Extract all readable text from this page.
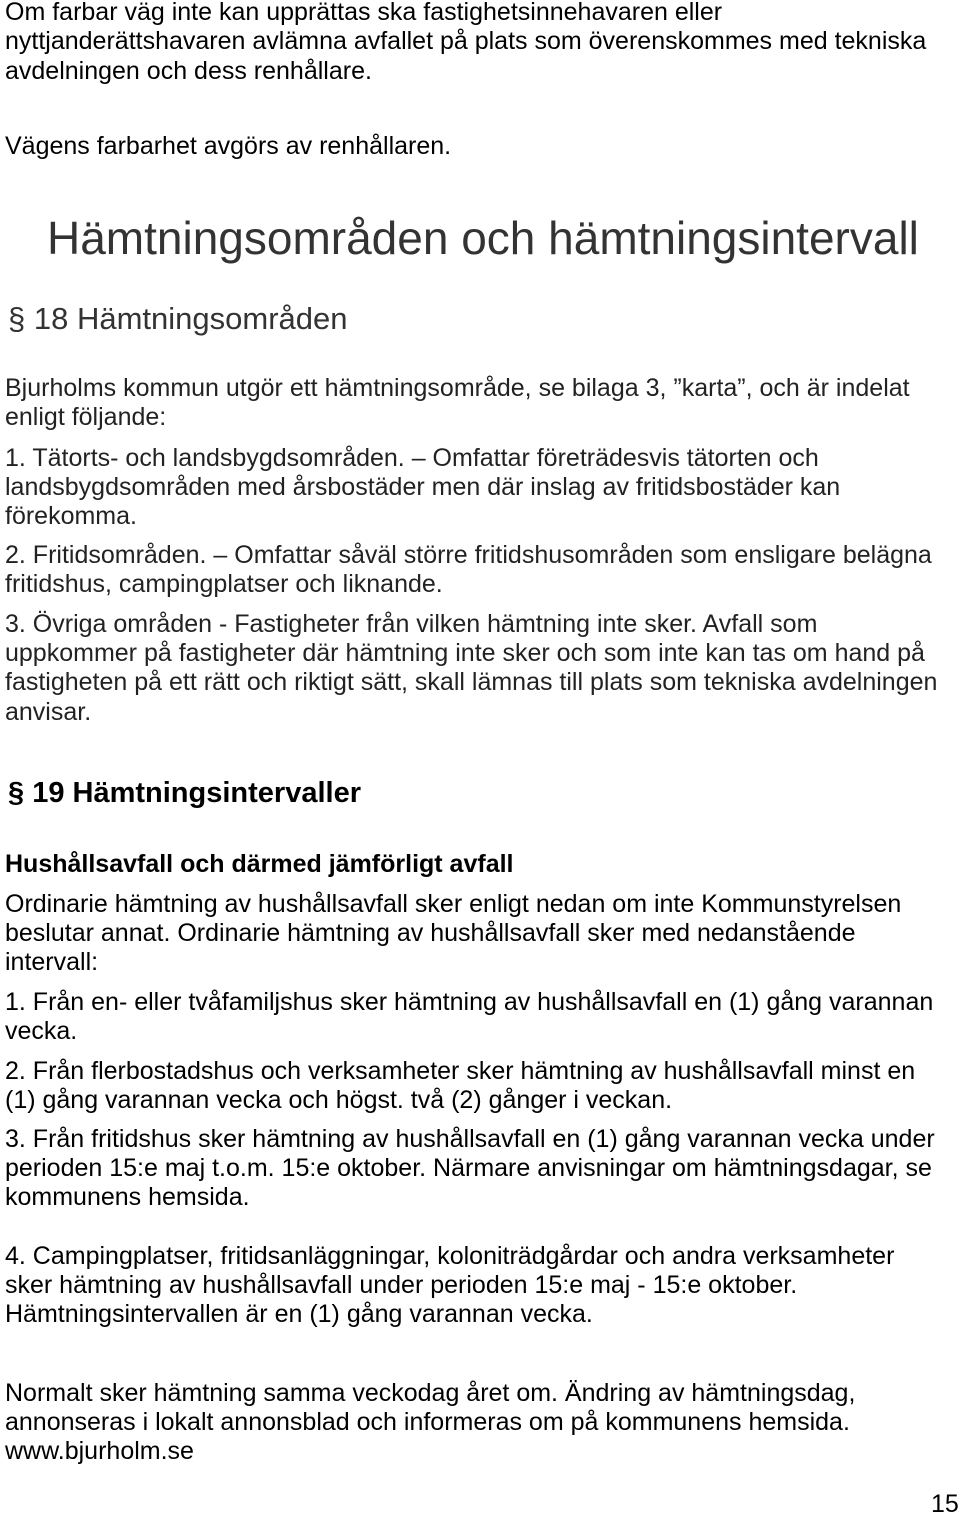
Om farbar väg inte kan upprättas ska fastighetsinnehavaren eller
nyttjanderättshavaren avlämna avfallet på plats som överenskommes med tekniska
avdelningen och dess renhållare.
Vägens farbarhet avgörs av renhållaren.
Hämtningsområden och hämtningsintervall
§ 18 Hämtningsområden
Bjurholms kommun utgör ett hämtningsområde, se bilaga 3, ”karta”, och är indelat
enligt följande:
1. Tätorts- och landsbygdsområden. – Omfattar företrädesvis tätorten och
landsbygdsområden med årsbostäder men där inslag av fritidsbostäder kan
förekomma.
2. Fritidsområden. – Omfattar såväl större fritidshusområden som ensligare belägna
fritidshus, campingplatser och liknande.
3. Övriga områden - Fastigheter från vilken hämtning inte sker. Avfall som
uppkommer på fastigheter där hämtning inte sker och som inte kan tas om hand på
fastigheten på ett rätt och riktigt sätt, skall lämnas till plats som tekniska avdelningen
anvisar.
§ 19 Hämtningsintervaller
Hushållsavfall och därmed jämförligt avfall
Ordinarie hämtning av hushållsavfall sker enligt nedan om inte Kommunstyrelsen
beslutar annat. Ordinarie hämtning av hushållsavfall sker med nedanstående
intervall:
1. Från en- eller tvåfamiljshus sker hämtning av hushållsavfall en (1) gång varannan
vecka.
2. Från flerbostadshus och verksamheter sker hämtning av hushållsavfall minst en
(1) gång varannan vecka och högst. två (2) gånger i veckan.
3. Från fritidshus sker hämtning av hushållsavfall en (1) gång varannan vecka under
perioden 15:e maj t.o.m. 15:e oktober. Närmare anvisningar om hämtningsdagar, se
kommunens hemsida.
4. Campingplatser, fritidsanläggningar, koloniträdgårdar och andra verksamheter
sker hämtning av hushållsavfall under perioden 15:e maj - 15:e oktober.
Hämtningsintervallen är en (1) gång varannan vecka.
Normalt sker hämtning samma veckodag året om. Ändring av hämtningsdag,
annonseras i lokalt annonsblad och informeras om på kommunens hemsida.
www.bjurholm.se
15
